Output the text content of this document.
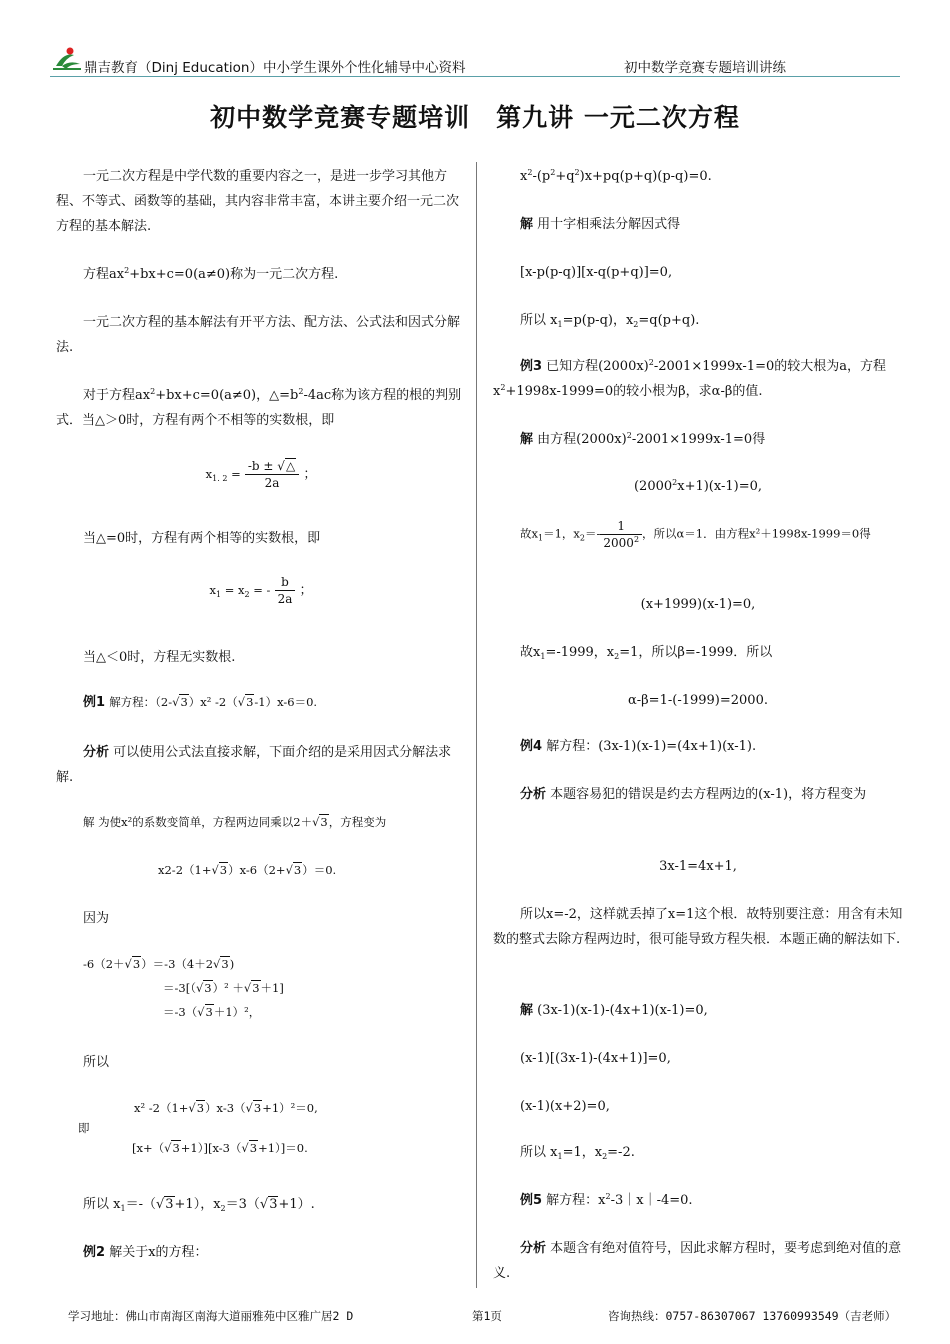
鼎吉教育（Dinj Education）中小学生课外个性化辅导中心资料	初中数学竞赛专题培训讲练
初中数学竞赛专题培训　第九讲 一元二次方程
一元二次方程是中学代数的重要内容之一，是进一步学习其他方程、不等式、函数等的基础，其内容非常丰富，本讲主要介绍一元二次方程的基本解法.
方程$ax^2+bx+c=0(a\ne 0)$称为一元二次方程.
一元二次方程的基本解法有开平方法、配方法、公式法和因式分解法.
对于方程$ax^2+bx+c=0(a\ne 0)$，$\triangle=b^2-4ac$称为该方程的根的判别式．当△＞0时，方程有两个不相等的实数根，即
$x_{1. 2} = \frac{-b \pm √\triangle}{2a}$ ；
当△=0时，方程有两个相等的实数根，即
$x_1 = x_2$ = - $\frac{b}{2a}$ ；
当△＜0时，方程无实数根.
例1 解方程：（2-√3）x² -2（√3-1）x-6＝0.
分析 可以使用公式法直接求解，下面介绍的是采用因式分解法求解.
解 为使x²的系数变简单，方程两边同乘以2＋√3，方程变为
x2-2（1+√3）x-6（2+√3）＝0.
因为
-6（2＋√3）＝-3（4＋2√3)
＝-3[（√3）² ＋√3＋1]
＝-3（√3＋1）²，
所以
x² -2（1+√3）x-3（√3+1）²＝0,
即
[x+（√3+1）][x-3（√3+1）]＝0.
所以 $x_1=-(√3+1)$，$x_2=3(√3+1)$.
例2 解关于x的方程：
$x^2-(p^2+q^2)x+pq(p+q)(p-q)=0$.
解 用十字相乘法分解因式得
[x-p(p-q)][x-q(p+q)]=0,
所以 $x_1=p(p-q)$，$x_2=q(p+q)$.
例3 已知方程$(2000x)^2-2001\times 1999x-1=0$的较大根为a，方程$x^2+1998x-1999=0$的较小根为β，求α-β的值.
解 由方程$(2000x)^2-2001\times 1999x-1=0$得
$(2000^2x+1)(x-1)=0$,
故$x_1=1$，$x_2=- \frac{1}{2000^2}$ ，所以α＝1．由方程x²＋1998x-1999＝0得
(x+1999)(x-1)=0,
故$x_1=-1999$，$x_2=1$，所以β=-1999．所以
α-β=1-(-1999)=2000.
例4 解方程：(3x-1)(x-1)=(4x+1)(x-1).
分析 本题容易犯的错误是约去方程两边的(x-1)，将方程变为
3x-1=4x+1,
所以x=-2，这样就丢掉了x=1这个根．故特别要注意：用含有未知数的整式去除方程两边时，很可能导致方程失根．本题正确的解法如下.
解 (3x-1)(x-1)-(4x+1)(x-1)=0,
(x-1)[(3x-1)-(4x+1)]=0,
(x-1)(x+2)=0,
所以 $x_1=1$，$x_2=-2$.
例5 解方程：$x^2-3|x|-4=0$.
分析 本题含有绝对值符号，因此求解方程时，要考虑到绝对值的意义.
学习地址：佛山市南海区南海大道丽雅苑中区雅广居2 D	第1页	咨询热线：0757-86307067 13760993549（吉老师）
